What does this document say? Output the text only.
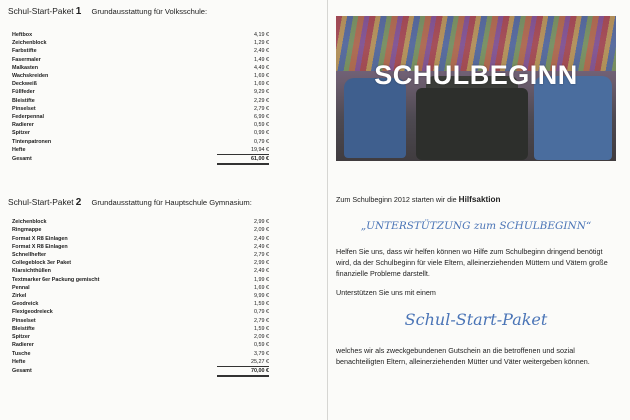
Schul-Start-Paket 1 Grundausstattung für Volksschule:
Heftbox	4,19 €
Zeichenblock	1,29 €
Farbstifte	2,49 €
Fasermaler	1,49 €
Malkasten	4,49 €
Wachskreiden	1,69 €
Deckweiß	1,69 €
Füllfeder	9,29 €
Bleistifte	2,29 €
Pinselset	2,79 €
Federpennal	6,99 €
Radierer	0,59 €
Spitzer	0,99 €
Tintenpatronen	0,79 €
Hefte	19,94 €
Gesamt	61,00 €
Schul-Start-Paket 2 Grundausstattung für Hauptschule Gymnasium:
Zeichenblock	2,99 €
Ringmappe	2,09 €
Format X R8 Einlagen	2,49 €
Format X R8 Einlagen	2,49 €
Schnellhefter	2,79 €
Collegeblock 3er Paket	2,99 €
Klarsichthüllen	2,49 €
Textmarker 6er Packung gemischt	1,99 €
Pennal	1,69 €
Zirkel	9,99 €
Geodreick	1,59 €
Flexigeodreieck	0,79 €
Pinselset	2,79 €
Bleistifte	1,59 €
Spitzer	2,09 €
Radierer	0,59 €
Tusche	3,79 €
Hefte	25,27 €
Gesamt	70,00 €
SCHULBEGINN
Zum Schulbeginn 2012 starten wir die Hilfsaktion
„UNTERSTÜTZUNG zum SCHULBEGINN“

Helfen Sie uns, dass wir helfen können wo Hilfe zum Schulbeginn dringend benötigt wird, da der Schulbeginn für viele Eltern, alleinerziehenden Müttern und Vätern große finanzielle Probleme darstellt.

Unterstützen Sie uns mit einem

Schul-Start-Paket

welches wir als zweckgebundenen Gutschein an die betroffenen und sozial benachteiligten Eltern, alleinerziehenden Mütter und Väter weitergeben können.
